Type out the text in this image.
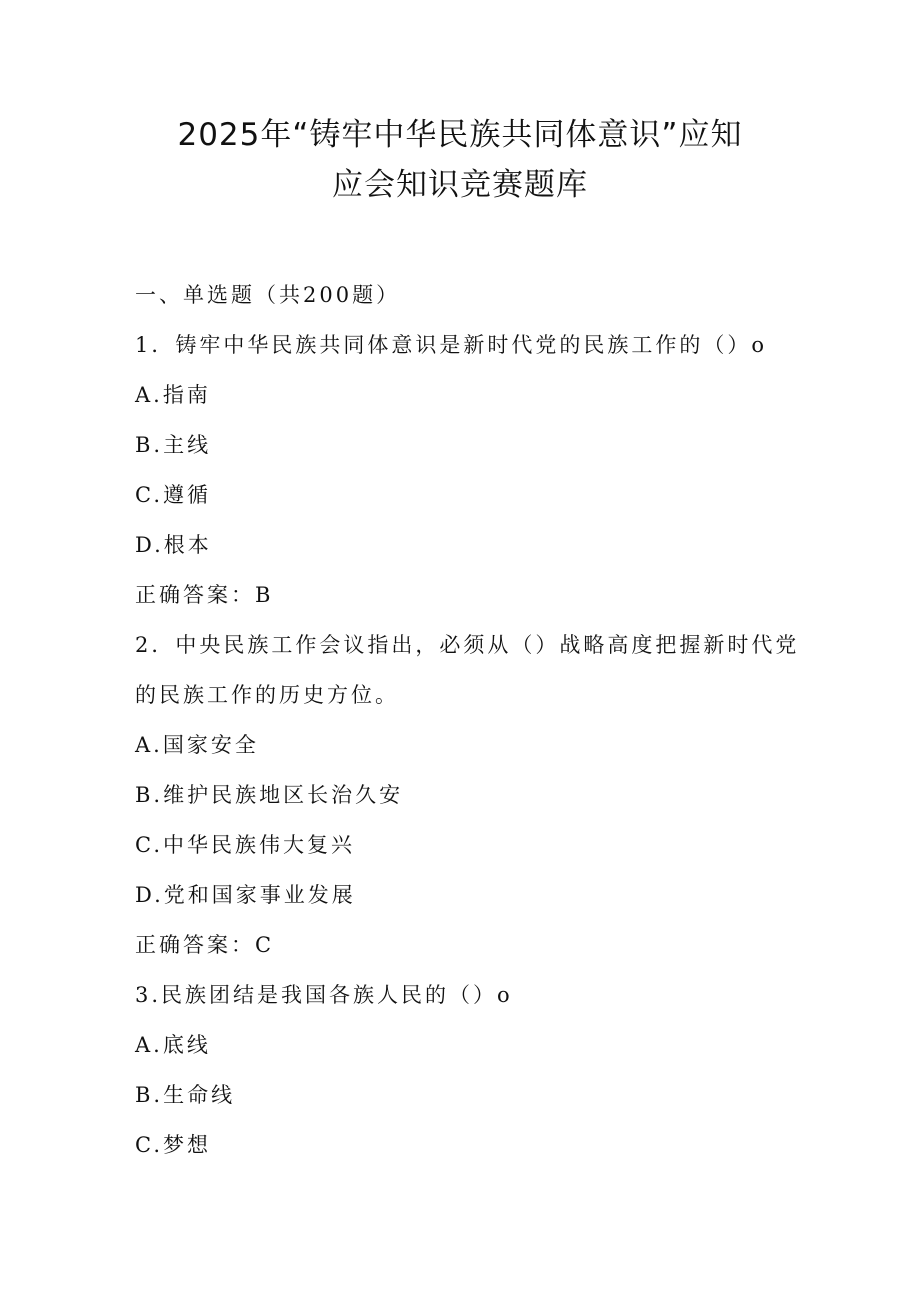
2025年“铸牢中华民族共同体意识”应知
应会知识竞赛题库
一、单选题（共200题）
1．铸牢中华民族共同体意识是新时代党的民族工作的（）o
A.指南
B.主线
C.遵循
D.根本
正确答案：B
2．中央民族工作会议指出，必须从（）战略高度把握新时代党
的民族工作的历史方位。
A.国家安全
B.维护民族地区长治久安
C.中华民族伟大复兴
D.党和国家事业发展
正确答案：C
3.民族团结是我国各族人民的（）o
A.底线
B.生命线
C.梦想
